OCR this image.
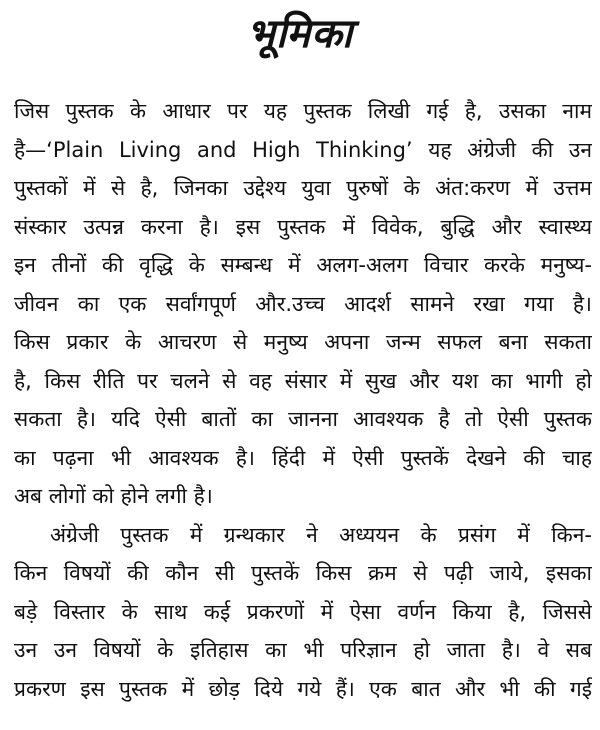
भूमिका
जिस पुस्तक के आधार पर यह पुस्तक लिखी गई है, उसका नाम
है—‘Plain Living and High Thinking’ यह अंग्रेजी की उन
पुस्तकों में से है, जिनका उद्देश्य युवा पुरुषों के अंत:करण में उत्तम
संस्कार उत्पन्न करना है। इस पुस्तक में विवेक, बुद्धि और स्वास्थ्य
इन तीनों की वृद्धि के सम्बन्ध में अलग-अलग विचार करके मनुष्य-
जीवन का एक सर्वांगपूर्ण और.उच्च आदर्श सामने रखा गया है।
किस प्रकार के आचरण से मनुष्य अपना जन्म सफल बना सकता
है, किस रीति पर चलने से वह संसार में सुख और यश का भागी हो
सकता है। यदि ऐसी बातों का जानना आवश्यक है तो ऐसी पुस्तक
का पढ़ना भी आवश्यक है। हिंदी में ऐसी पुस्तकें देखने की चाह
अब लोगों को होने लगी है।
अंग्रेजी पुस्तक में ग्रन्थकार ने अध्ययन के प्रसंग में किन-
किन विषयों की कौन सी पुस्तकें किस क्रम से पढ़ी जाये, इसका
बड़े विस्तार के साथ कई प्रकरणों में ऐसा वर्णन किया है, जिससे
उन उन विषयों के इतिहास का भी परिज्ञान हो जाता है। वे सब
प्रकरण इस पुस्तक में छोड़ दिये गये हैं। एक बात और भी की गई
